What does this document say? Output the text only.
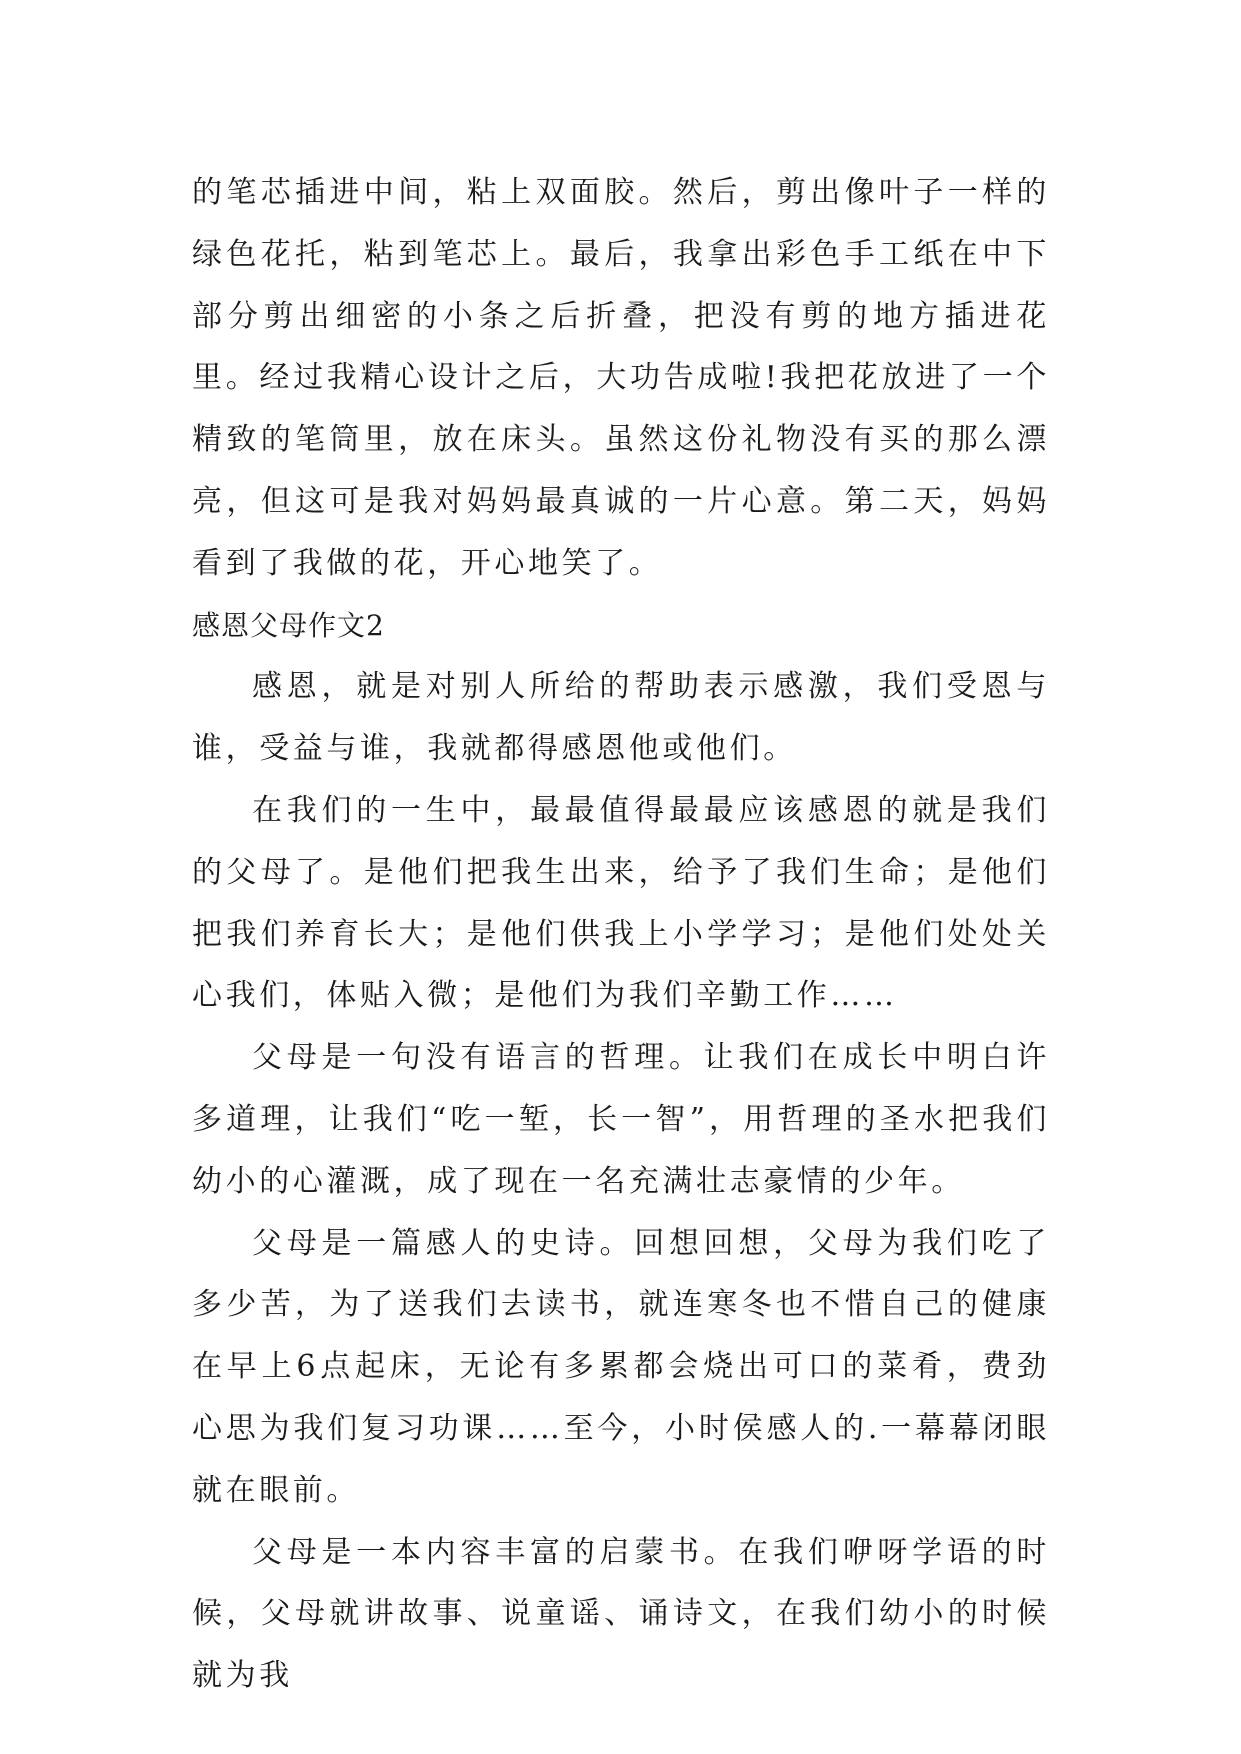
的笔芯插进中间，粘上双面胶。然后，剪出像叶子一样的绿色花托，粘到笔芯上。最后，我拿出彩色手工纸在中下部分剪出细密的小条之后折叠，把没有剪的地方插进花里。经过我精心设计之后，大功告成啦!我把花放进了一个精致的笔筒里，放在床头。虽然这份礼物没有买的那么漂亮，但这可是我对妈妈最真诚的一片心意。第二天，妈妈看到了我做的花，开心地笑了。

感恩父母作文2

感恩，就是对别人所给的帮助表示感激，我们受恩与谁，受益与谁，我就都得感恩他或他们。

在我们的一生中，最最值得最最应该感恩的就是我们的父母了。是他们把我生出来，给予了我们生命；是他们把我们养育长大；是他们供我上小学学习；是他们处处关心我们，体贴入微；是他们为我们辛勤工作……

父母是一句没有语言的哲理。让我们在成长中明白许多道理，让我们“吃一堑，长一智”，用哲理的圣水把我们幼小的心灌溉，成了现在一名充满壮志豪情的少年。

父母是一篇感人的史诗。回想回想，父母为我们吃了多少苦，为了送我们去读书，就连寒冬也不惜自己的健康在早上6点起床，无论有多累都会烧出可口的菜肴，费劲心思为我们复习功课……至今，小时侯感人的.一幕幕闭眼就在眼前。

父母是一本内容丰富的启蒙书。在我们咿呀学语的时候，父母就讲故事、说童谣、诵诗文，在我们幼小的时候就为我
